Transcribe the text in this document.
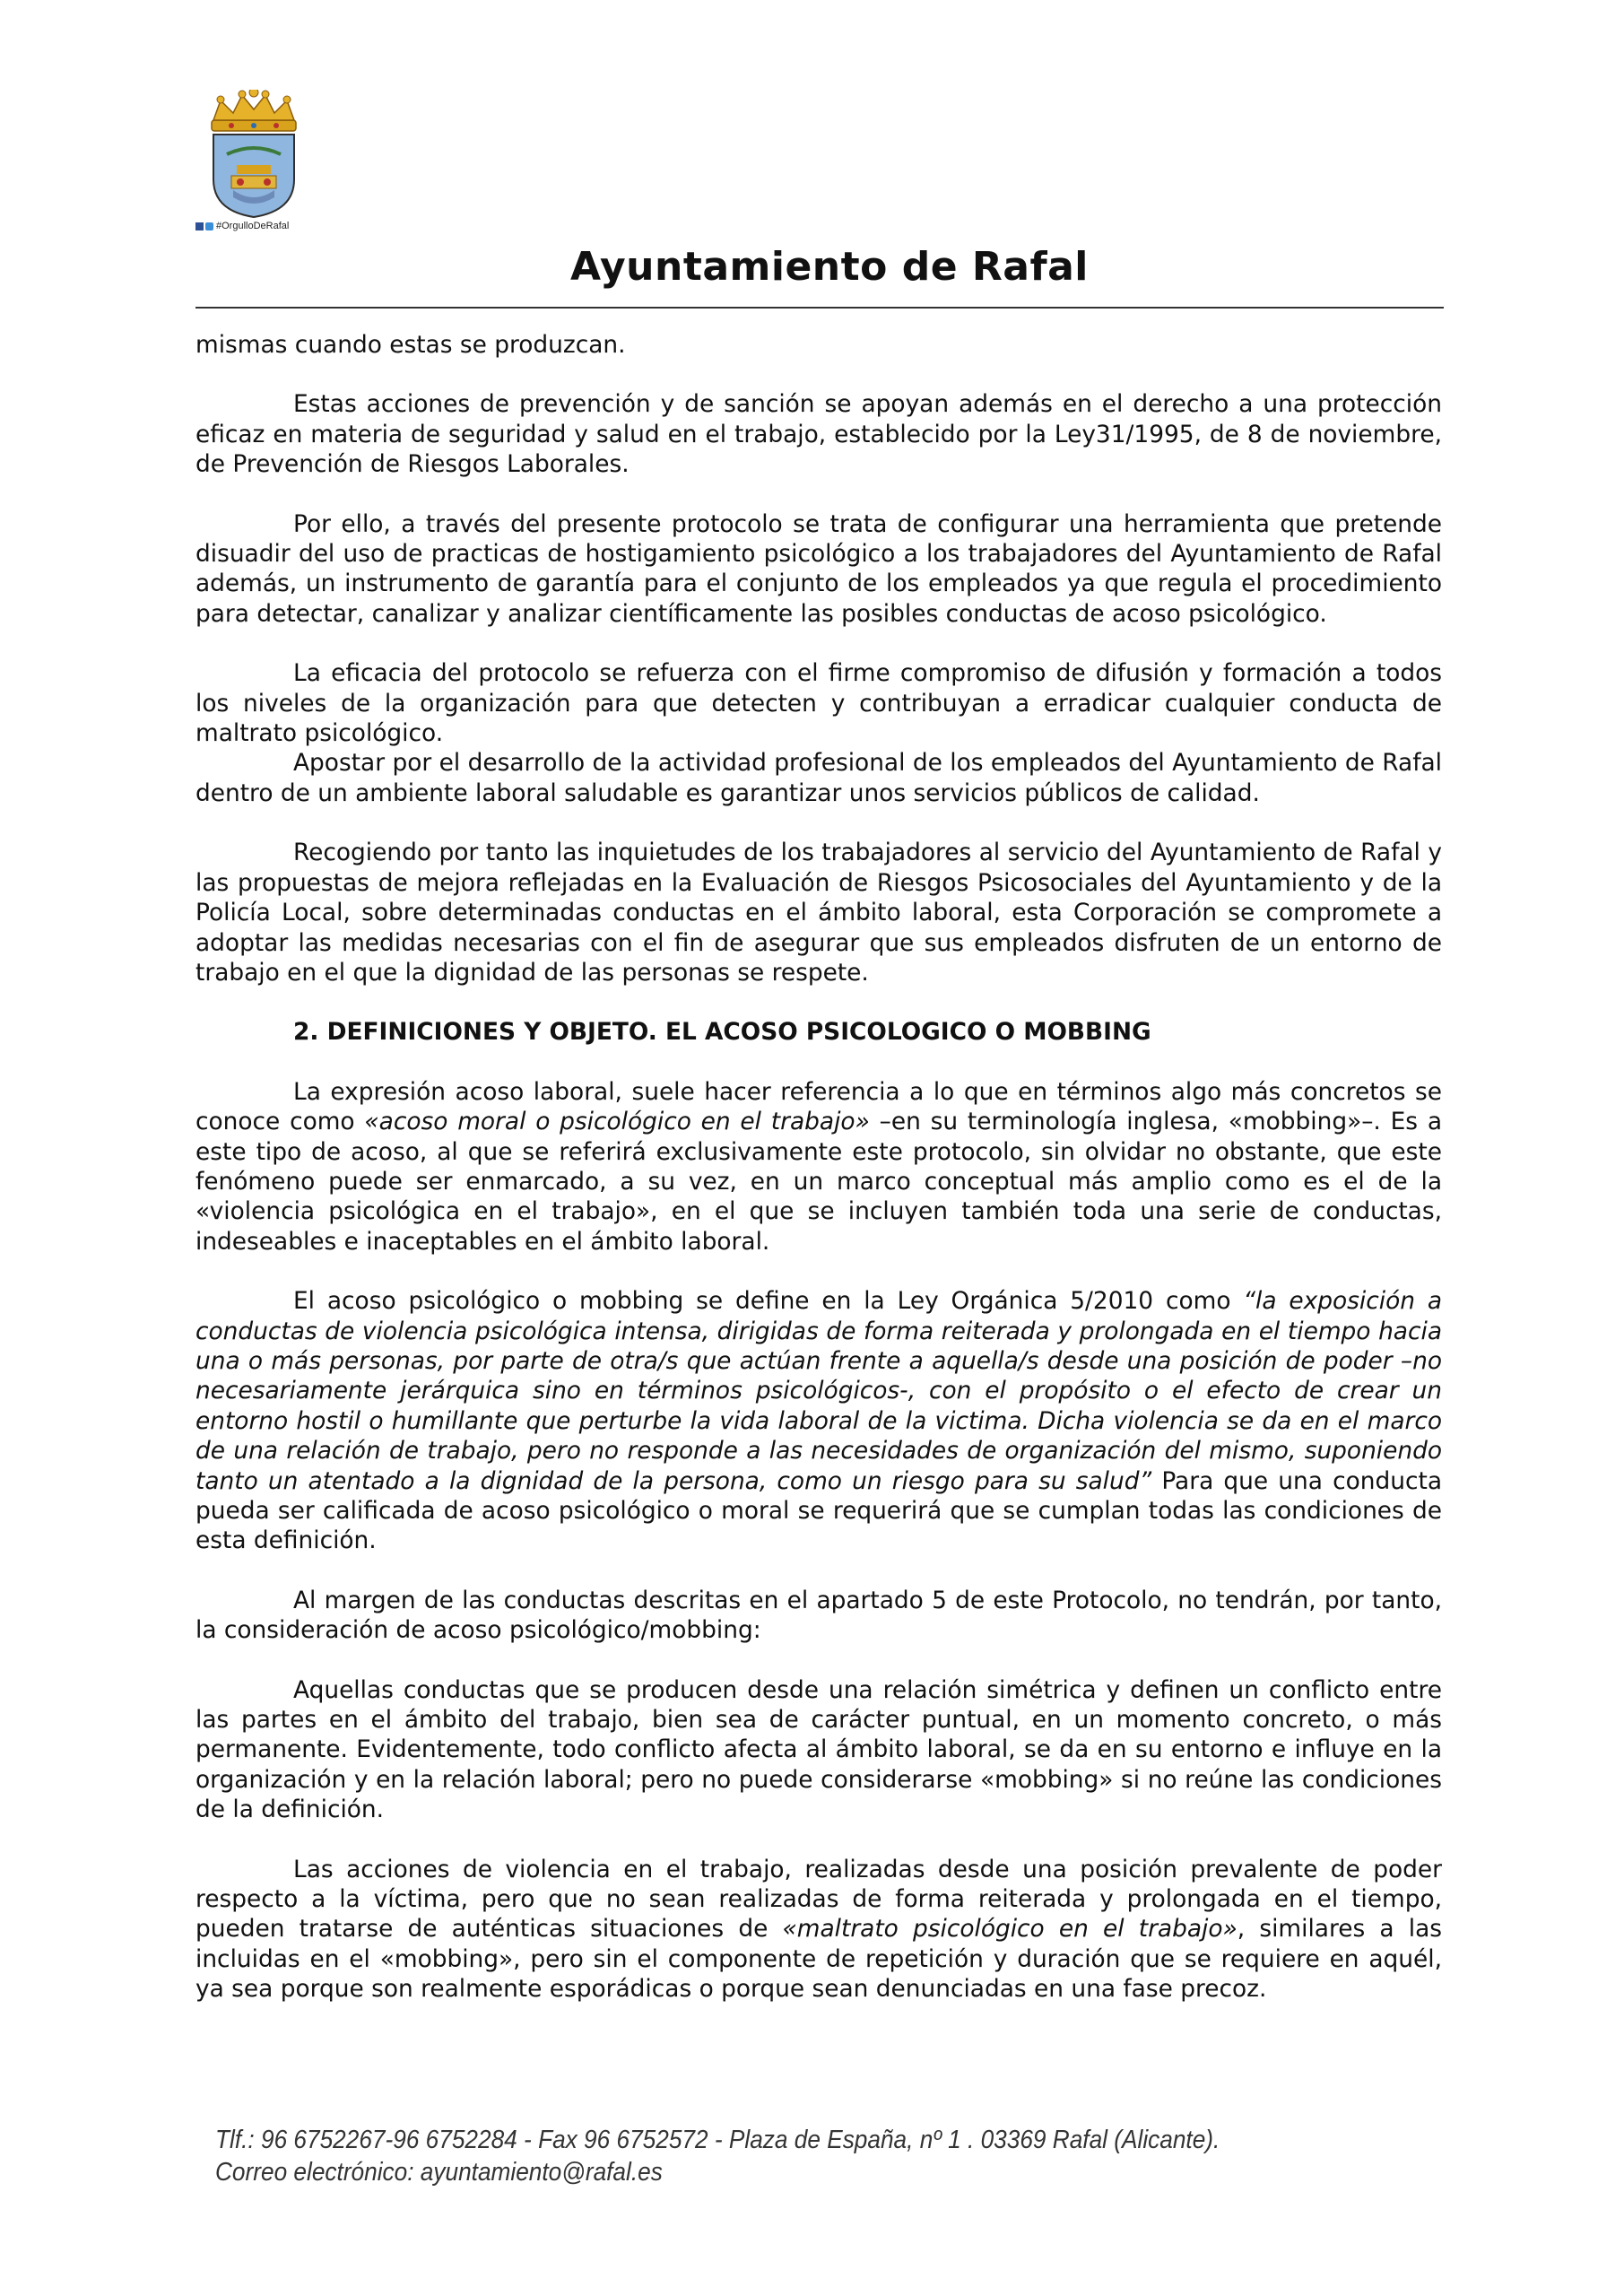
#OrgulloDeRafal
Ayuntamiento de Rafal

mismas cuando estas se produzcan.

Estas acciones de prevención y de sanción se apoyan además en el derecho a una protección eficaz en materia de seguridad y salud en el trabajo, establecido por la Ley31/1995, de 8 de noviembre, de Prevención de Riesgos Laborales.

Por ello, a través del presente protocolo se trata de configurar una herramienta que pretende disuadir del uso de practicas de hostigamiento psicológico a los trabajadores del Ayuntamiento de Rafal además, un instrumento de garantía para el conjunto de los empleados ya que regula el procedimiento para detectar, canalizar y analizar científicamente las posibles conductas de acoso psicológico.

La eficacia del protocolo se refuerza con el firme compromiso de difusión y formación a todos los niveles de la organización para que detecten y contribuyan a erradicar cualquier conducta de maltrato psicológico.

Apostar por el desarrollo de la actividad profesional de los empleados del Ayuntamiento de Rafal dentro de un ambiente laboral saludable es garantizar unos servicios públicos de calidad.

Recogiendo por tanto las inquietudes de los trabajadores al servicio del Ayuntamiento de Rafal y las propuestas de mejora reflejadas en la Evaluación de Riesgos Psicosociales del Ayuntamiento y de la Policía Local, sobre determinadas conductas en el ámbito laboral, esta Corporación se compromete a adoptar las medidas necesarias con el fin de asegurar que sus empleados disfruten de un entorno de trabajo en el que la dignidad de las personas se respete.

2. DEFINICIONES Y OBJETO. EL ACOSO PSICOLOGICO O MOBBING

La expresión acoso laboral, suele hacer referencia a lo que en términos algo más concretos se conoce como «acoso moral o psicológico en el trabajo» –en su terminología inglesa, «mobbing»–. Es a este tipo de acoso, al que se referirá exclusivamente este protocolo, sin olvidar no obstante, que este fenómeno puede ser enmarcado, a su vez, en un marco conceptual más amplio como es el de la «violencia psicológica en el trabajo», en el que se incluyen también toda una serie de conductas, indeseables e inaceptables en el ámbito laboral.

El acoso psicológico o mobbing se define en la Ley Orgánica 5/2010 como “la exposición a conductas de violencia psicológica intensa, dirigidas de forma reiterada y prolongada en el tiempo hacia una o más personas, por parte de otra/s que actúan frente a aquella/s desde una posición de poder –no necesariamente jerárquica sino en términos psicológicos-, con el propósito o el efecto de crear un entorno hostil o humillante que perturbe la vida laboral de la victima. Dicha violencia se da en el marco de una relación de trabajo, pero no responde a las necesidades de organización del mismo, suponiendo tanto un atentado a la dignidad de la persona, como un riesgo para su salud” Para que una conducta pueda ser calificada de acoso psicológico o moral se requerirá que se cumplan todas las condiciones de esta definición.

Al margen de las conductas descritas en el apartado 5 de este Protocolo, no tendrán, por tanto, la consideración de acoso psicológico/mobbing:

Aquellas conductas que se producen desde una relación simétrica y definen un conflicto entre las partes en el ámbito del trabajo, bien sea de carácter puntual, en un momento concreto, o más permanente. Evidentemente, todo conflicto afecta al ámbito laboral, se da en su entorno e influye en la organización y en la relación laboral; pero no puede considerarse «mobbing» si no reúne las condiciones de la definición.

Las acciones de violencia en el trabajo, realizadas desde una posición prevalente de poder respecto a la víctima, pero que no sean realizadas de forma reiterada y prolongada en el tiempo, pueden tratarse de auténticas situaciones de «maltrato psicológico en el trabajo», similares a las incluidas en el «mobbing», pero sin el componente de repetición y duración que se requiere en aquél, ya sea porque son realmente esporádicas o porque sean denunciadas en una fase precoz.

Tlf.: 96 6752267-96 6752284 - Fax 96 6752572 - Plaza de España, nº 1 . 03369 Rafal (Alicante).
Correo electrónico: ayuntamiento@rafal.es
